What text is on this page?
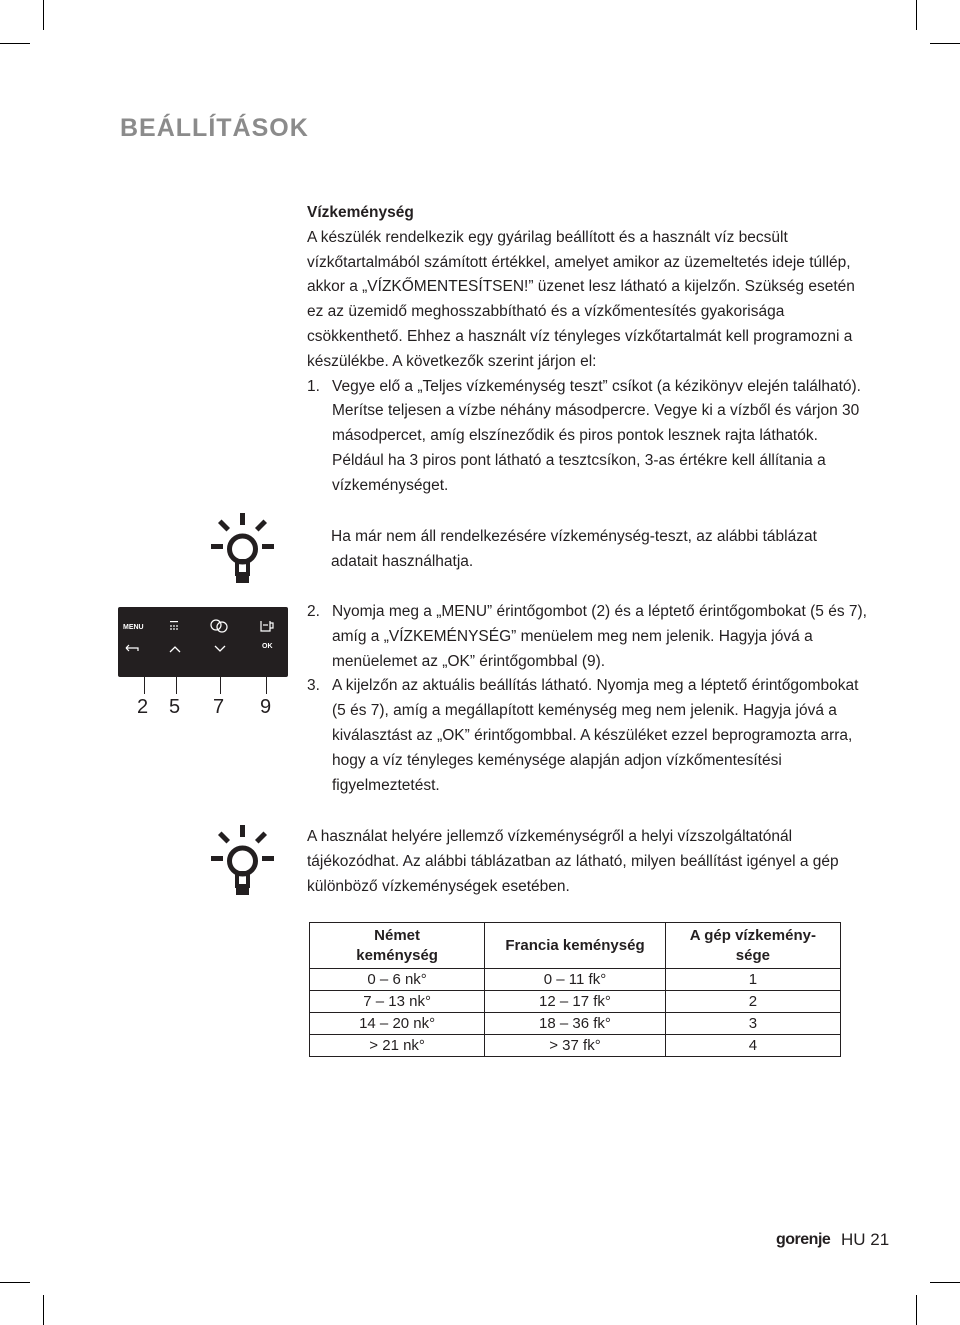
BEÁLLÍTÁSOK

Vízkeménység

A készülék rendelkezik egy gyárilag beállított és a használt víz becsült vízkőtartalmából számított értékkel, amelyet amikor az üzemeltetés ideje túllép, akkor a „VÍZKŐMENTESÍTSEN!” üzenet lesz látható a kijelzőn. Szükség esetén ez az üzemidő meghosszabbítható és a vízkőmentesítés gyakorisága csökkenthető. Ehhez a használt víz tényleges vízkőtartalmát kell programozni a készülékbe. A következők szerint járjon el:

1. Vegye elő a „Teljes vízkeménység teszt” csíkot (a kézikönyv elején található). Merítse teljesen a vízbe néhány másodpercre. Vegye ki a vízből és várjon 30 másodpercet, amíg elszíneződik és piros pontok lesznek rajta láthatók. Például ha 3 piros pont látható a tesztcsíkon, 3-as értékre kell állítania a vízkeménységet.
Ha már nem áll rendelkezésére vízkeménység-teszt, az alábbi táblázat adatait használhatja.
MENU
OK
2 5 7 9
2. Nyomja meg a „MENU” érintőgombot (2) és a léptető érintőgombokat (5 és 7), amíg a „VÍZKEMÉNYSÉG” menüelem meg nem jelenik. Hagyja jóvá a menüelemet az „OK” érintőgombbal (9).
3. A kijelzőn az aktuális beállítás látható. Nyomja meg a léptető érintőgombokat (5 és 7), amíg a megállapított keménység meg nem jelenik. Hagyja jóvá a kiválasztást az „OK” érintőgombbal. A készüléket ezzel beprogramozta arra, hogy a víz tényleges keménysége alapján adjon vízkőmentesítési figyelmeztetést.
A használat helyére jellemző vízkeménységről a helyi vízszolgáltatónál tájékozódhat. Az alábbi táblázatban az látható, milyen beállítást igényel a gép különböző vízkeménységek esetében.
Német keménység	Francia keménység	A gép vízkemény-sége
0 – 6 nk°	0 – 11 fk°	1
7 – 13 nk°	12 – 17 fk°	2
14 – 20 nk°	18 – 36 fk°	3
> 21 nk°	> 37 fk°	4
gorenje HU 21
